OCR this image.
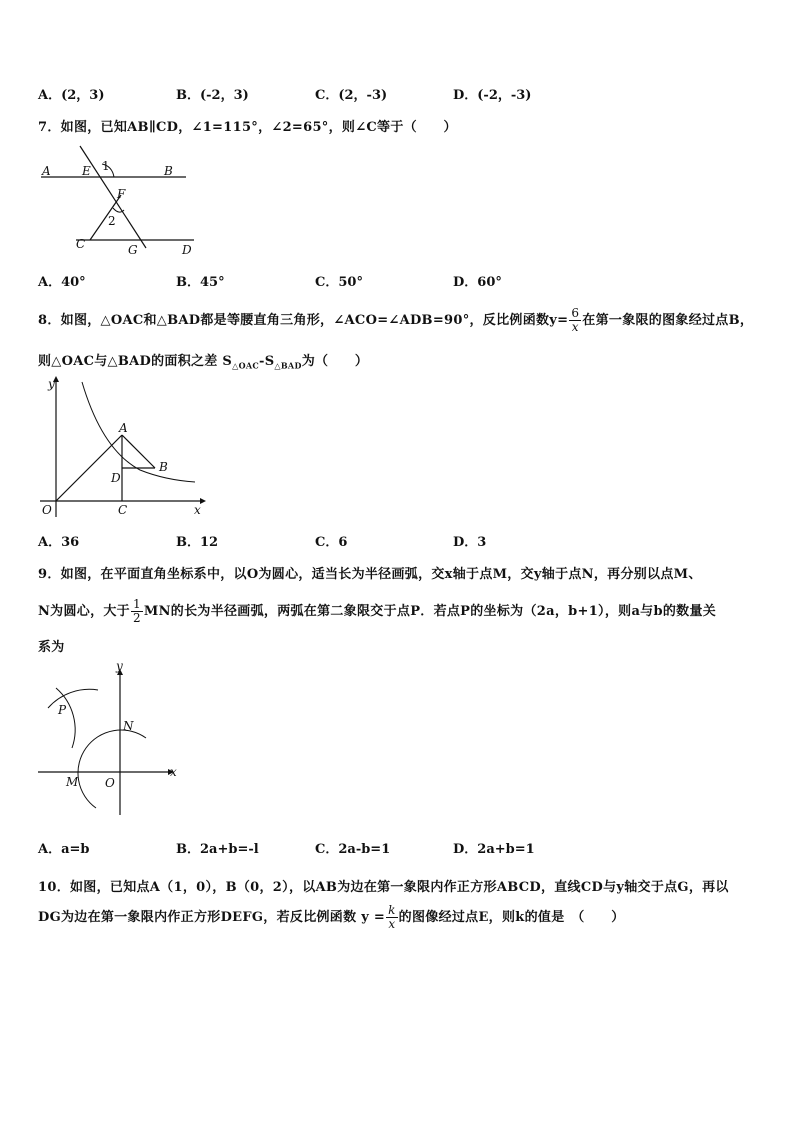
A．(2，3)	B．(-2，3)	C．(2，-3)	D．(-2，-3)
7．如图，已知AB∥CD，∠1=115°，∠2=65°，则∠C等于（　　）
A	E 1	B
F
2
C	G	D
A．40°	B．45°	C．50°	D．60°
8．如图，△OAC和△BAD都是等腰直角三角形，∠ACO=∠ADB=90°，反比例函数$y= \frac{6}{x}$ 在第一象限的图象经过点B，
则△OAC与△BAD的面积之差 $S_{\triangle OAC}-S_{\triangle BAD}$为（　　）
y
A
B
D
O	C	x
A．36	B．12	C．6	D．3
9．如图，在平面直角坐标系中，以O为圆心，适当长为半径画弧，交x轴于点M，交y轴于点N，再分别以点M、
N为圆心，大于 $\frac{1}{2}$ MN的长为半径画弧，两弧在第二象限交于点P．若点P的坐标为（2a，b+1），则a与b的数量关
系为
y
P
N
M O
x
A．a=b	B．2a+b=-l	C．2a-b=1	D．2a+b=1
10．如图，已知点A（1，0），B（0，2），以AB为边在第一象限内作正方形ABCD，直线CD与y轴交于点G，再以
DG为边在第一象限内作正方形DEFG，若反比例函数 $y = \frac{k}{x}$ 的图像经过点E，则k的值是　（　　）
